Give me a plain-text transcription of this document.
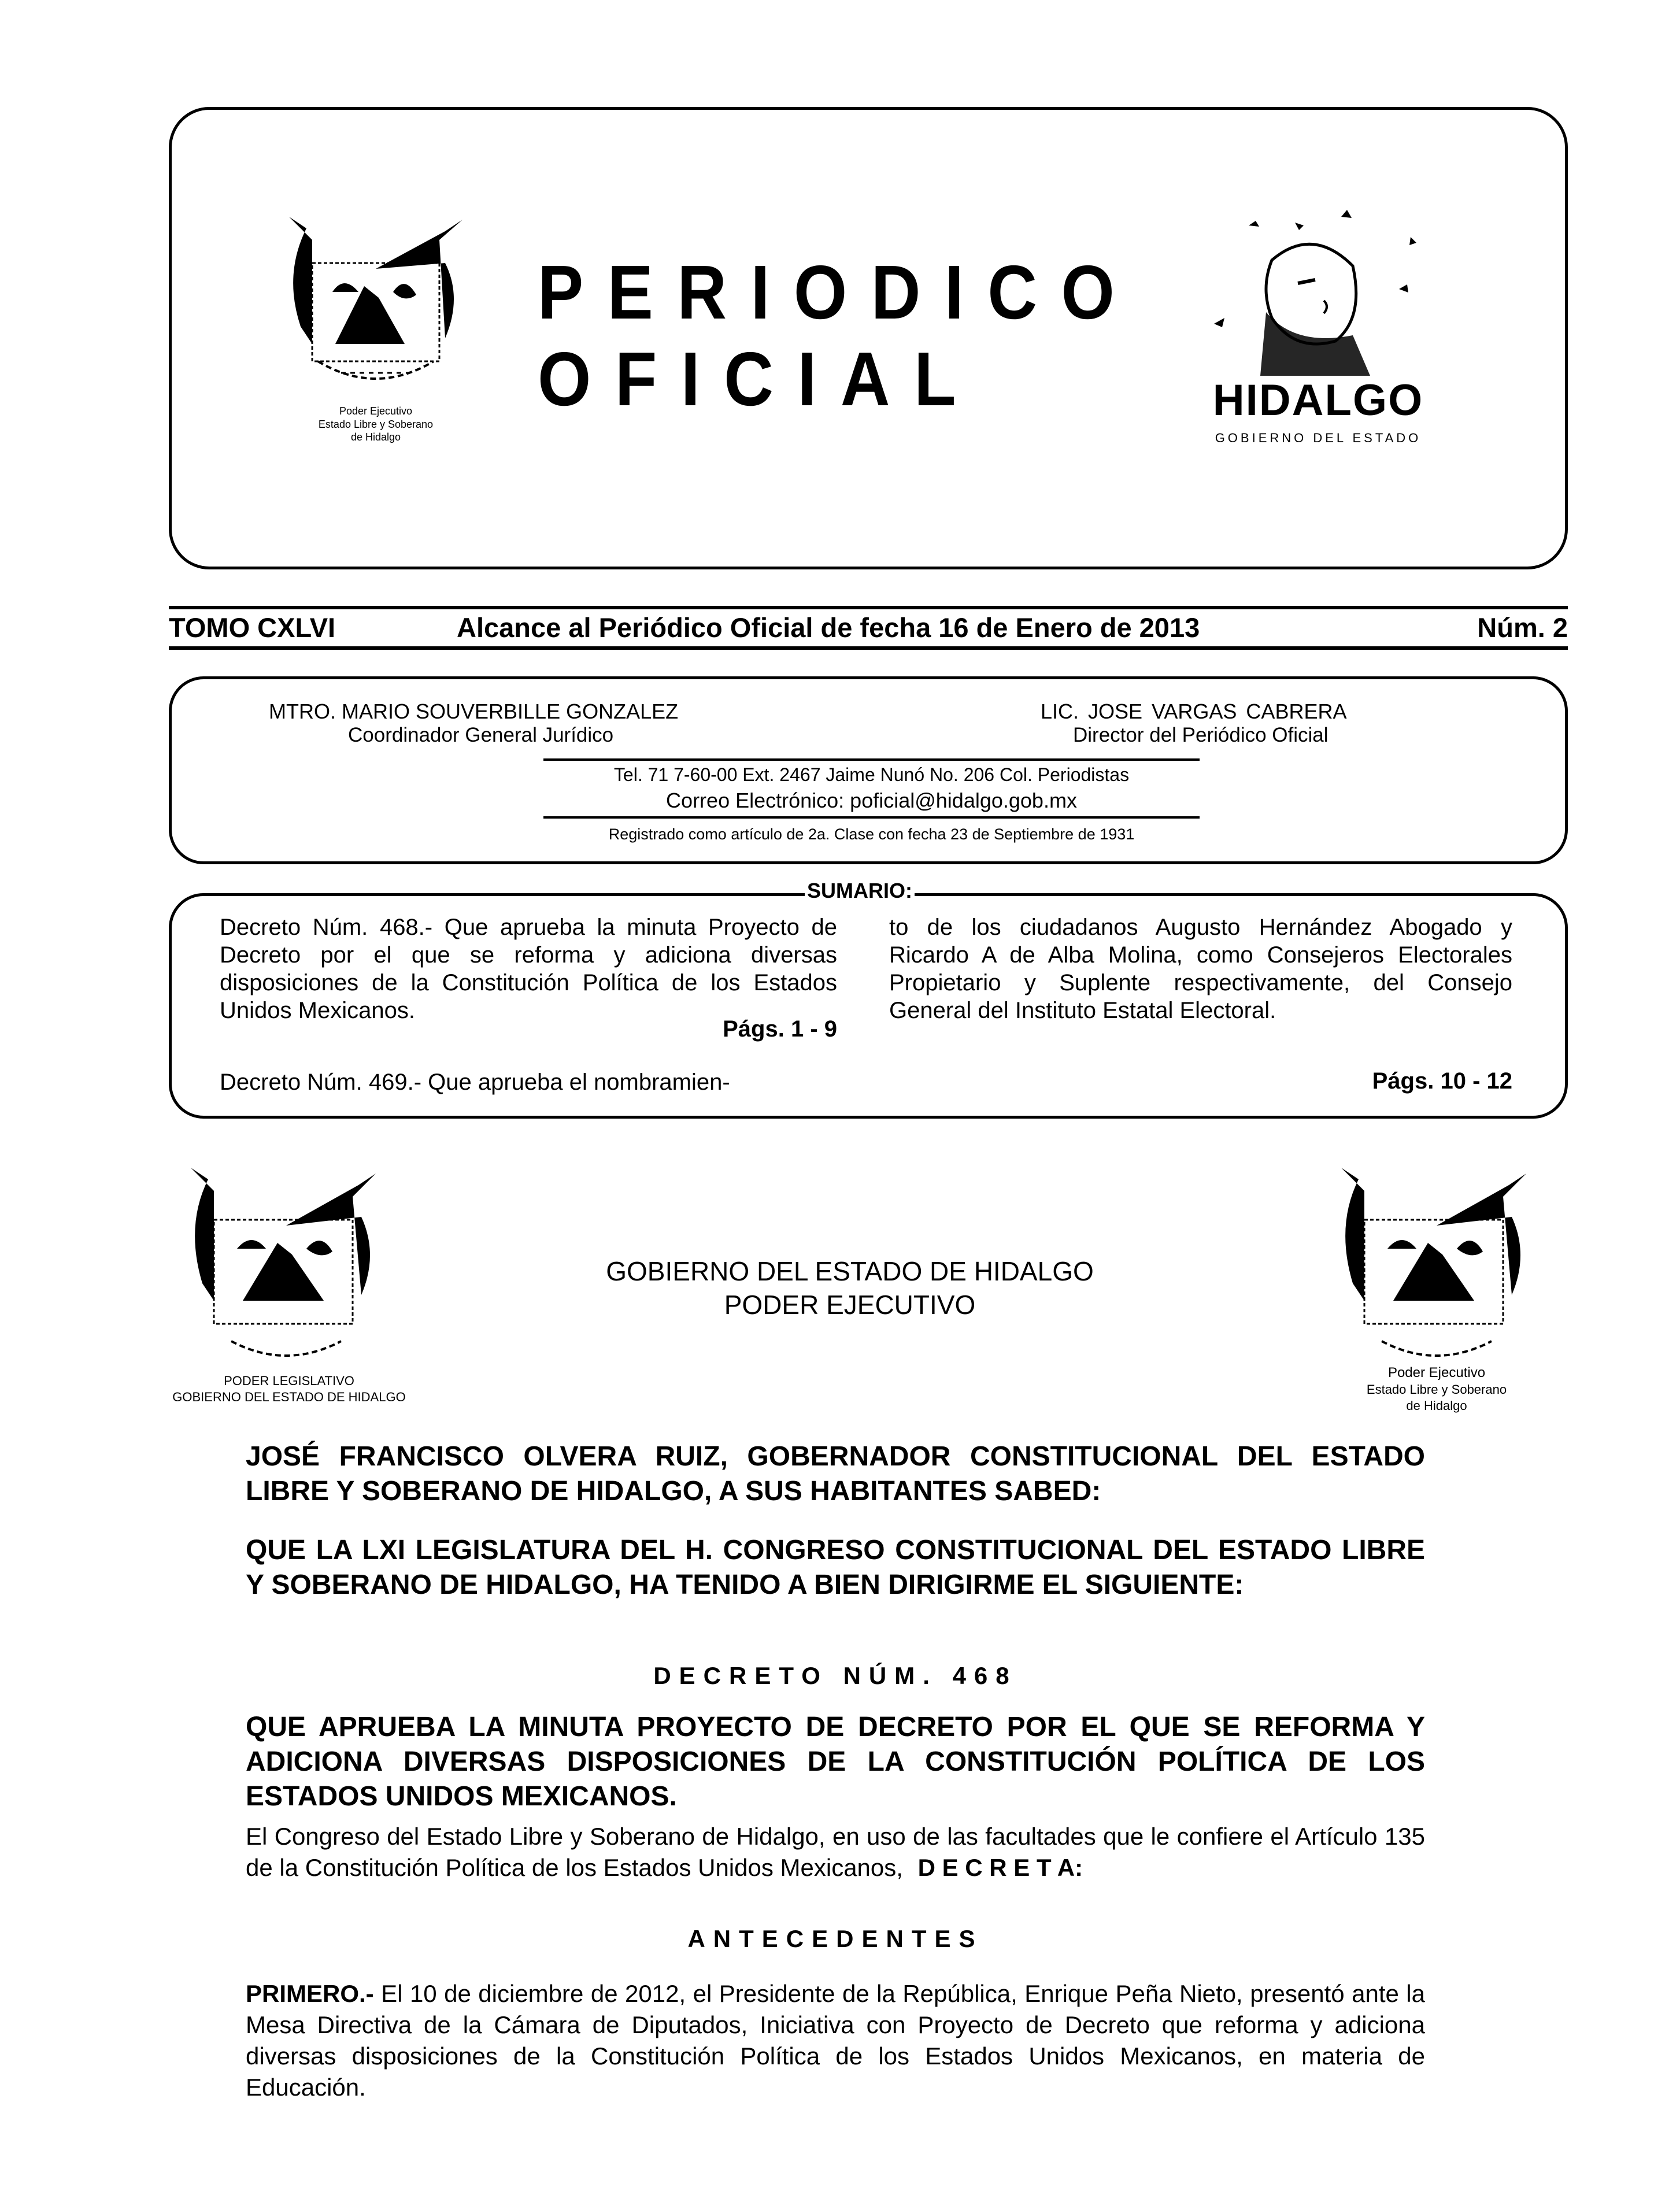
Poder Ejecutivo
Estado Libre y Soberano
de Hidalgo
PERIODICO
OFICIAL	HIDALGO
GOBIERNO DEL ESTADO
TOMO CXLVI	Alcance al Periódico Oficial de fecha 16 de Enero de 2013	Núm. 2
MTRO. MARIO SOUVERBILLE GONZALEZ
Coordinador General Jurídico
LIC. JOSE VARGAS CABRERA
Director del Periódico Oficial
Tel. 71 7-60-00 Ext. 2467 Jaime Nunó No. 206 Col. Periodistas
Correo Electrónico: poficial@hidalgo.gob.mx
Registrado como artículo de 2a. Clase con fecha 23 de Septiembre de 1931
SUMARIO:
Decreto Núm. 468.- Que aprueba la minuta Proyecto de Decreto por el que se reforma y adiciona diversas disposiciones de la Constitución Política de los Estados Unidos Mexicanos.
Págs. 1 - 9
Decreto Núm. 469.- Que aprueba el nombramien-
to de los ciudadanos Augusto Hernández Abogado y Ricardo A de Alba Molina, como Consejeros Electorales Propietario y Suplente respectivamente, del Consejo General del Instituto Estatal Electoral.
Págs. 10 - 12
PODER LEGISLATIVO
GOBIERNO DEL ESTADO DE HIDALGO
GOBIERNO DEL ESTADO DE HIDALGO
PODER EJECUTIVO
Poder Ejecutivo
Estado Libre y Soberano
de Hidalgo
JOSÉ FRANCISCO OLVERA RUIZ, GOBERNADOR CONSTITUCIONAL DEL ESTADO LIBRE Y SOBERANO DE HIDALGO, A SUS HABITANTES SABED:
QUE LA LXI LEGISLATURA DEL H. CONGRESO CONSTITUCIONAL DEL ESTADO LIBRE Y SOBERANO DE HIDALGO, HA TENIDO A BIEN DIRIGIRME EL SIGUIENTE:
DECRETO NÚM. 468
QUE APRUEBA LA MINUTA PROYECTO DE DECRETO POR EL QUE SE REFORMA Y ADICIONA DIVERSAS DISPOSICIONES DE LA CONSTITUCIÓN POLÍTICA DE LOS ESTADOS UNIDOS MEXICANOS.
El Congreso del Estado Libre y Soberano de Hidalgo, en uso de las facultades que le confiere el Artículo 135 de la Constitución Política de los Estados Unidos Mexicanos, D E C R E T A:
ANTECEDENTES
PRIMERO.- El 10 de diciembre de 2012, el Presidente de la República, Enrique Peña Nieto, presentó ante la Mesa Directiva de la Cámara de Diputados, Iniciativa con Proyecto de Decreto que reforma y adiciona diversas disposiciones de la Constitución Política de los Estados Unidos Mexicanos, en materia de Educación.
